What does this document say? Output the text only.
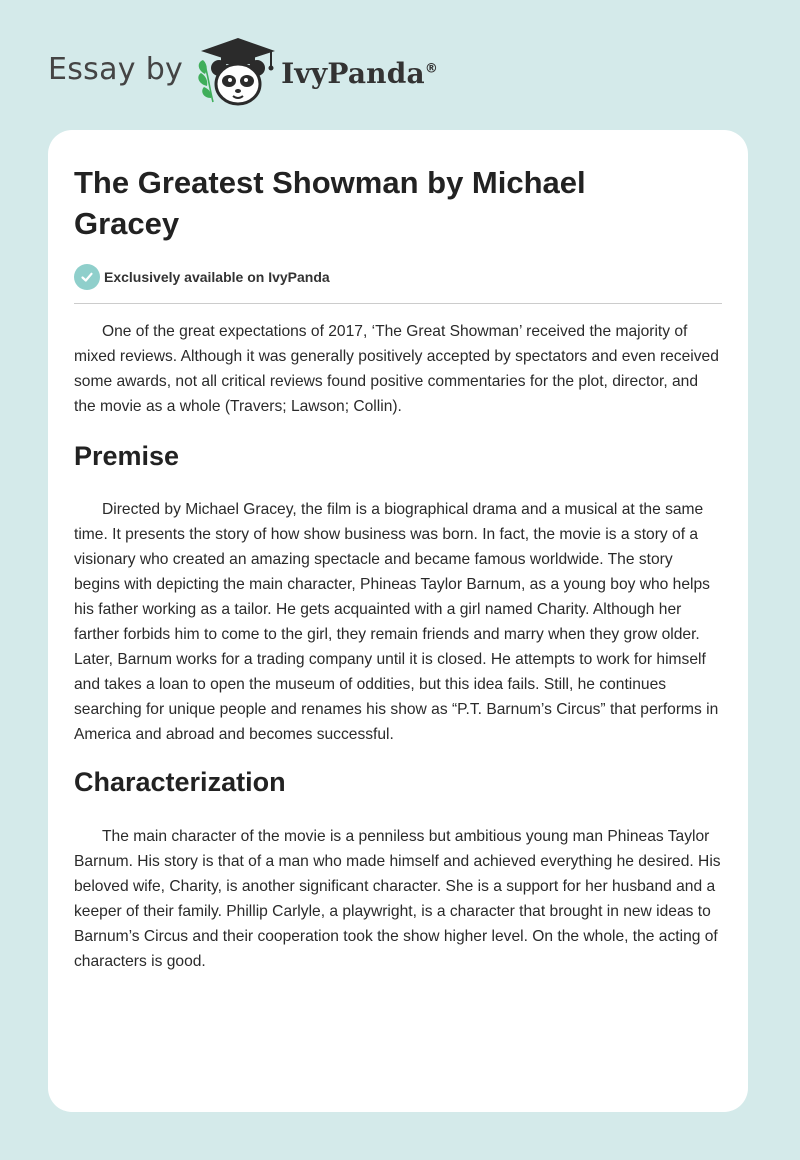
Essay by	IvyPanda®
The Greatest Showman by Michael Gracey
Exclusively available on IvyPanda

One of the great expectations of 2017, ‘The Great Showman’ received the majority of mixed reviews. Although it was generally positively accepted by spectators and even received some awards, not all critical reviews found positive commentaries for the plot, director, and the movie as a whole (Travers; Lawson; Collin).

Premise

Directed by Michael Gracey, the film is a biographical drama and a musical at the same time. It presents the story of how show business was born. In fact, the movie is a story of a visionary who created an amazing spectacle and became famous worldwide. The story begins with depicting the main character, Phineas Taylor Barnum, as a young boy who helps his father working as a tailor. He gets acquainted with a girl named Charity. Although her farther forbids him to come to the girl, they remain friends and marry when they grow older. Later, Barnum works for a trading company until it is closed. He attempts to work for himself and takes a loan to open the museum of oddities, but this idea fails. Still, he continues searching for unique people and renames his show as “P.T. Barnum’s Circus” that performs in America and abroad and becomes successful.

Characterization

The main character of the movie is a penniless but ambitious young man Phineas Taylor Barnum. His story is that of a man who made himself and achieved everything he desired. His beloved wife, Charity, is another significant character. She is a support for her husband and a keeper of their family. Phillip Carlyle, a playwright, is a character that brought in new ideas to Barnum’s Circus and their cooperation took the show higher level. On the whole, the acting of characters is good.
